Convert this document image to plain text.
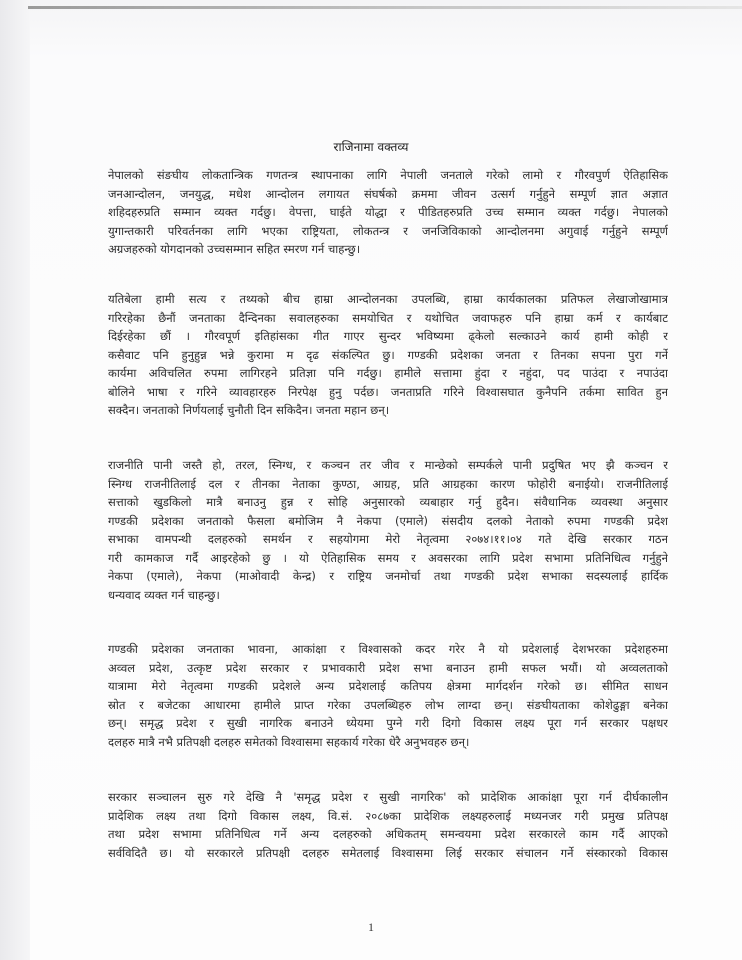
राजिनामा वक्तव्य
नेपालको संङघीय लोकतान्त्रिक गणतन्त्र स्थापनाका लागि नेपाली जनताले गरेको लामो र गौरवपुर्ण ऐतिहासिक
जनआन्दोलन, जनयुद्ध, मधेश आन्दोलन लगायत संघर्षको क्रममा जीवन उत्सर्ग गर्नुहुने सम्पूर्ण ज्ञात अज्ञात
शहिदहरुप्रति सम्मान व्यक्त गर्दछु। वेपत्ता, घाईते योद्धा र पीडितहरुप्रति उच्च सम्मान व्यक्त गर्दछु। नेपालको
युगान्तकारी परिवर्तनका लागि भएका राष्ट्रियता, लोकतन्त्र र जनजिविकाको आन्दोलनमा अगुवाई गर्नुहुने सम्पूर्ण
अग्रजहरुको योगदानको उच्चसम्मान सहित स्मरण गर्न चाहन्छु।
यतिबेला हामी सत्य र तथ्यको बीच हाम्रा आन्दोलनका उपलब्धि, हाम्रा कार्यकालका प्रतिफल लेखाजोखामात्र
गरिरहेका छैनौं जनताका दैन्दिनका सवालहरुका समयोचित र यथोचित जवाफहरु पनि हाम्रा कर्म र कार्यबाट
दिईरहेका छौं । गौरवपूर्ण इतिहांसका गीत गाएर सुन्दर भविष्यमा ढ्केलो सल्काउने कार्य हामी कोही र
कसैवाट पनि हुनुहुन्न भन्ने कुरामा म दृढ संकल्पित छु। गण्डकी प्रदेशका जनता र तिनका सपना पुरा गर्ने
कार्यमा अविचलित रुपमा लागिरहने प्रतिज्ञा पनि गर्दछु। हामीले सत्तामा हुंदा र नहुंदा, पद पाउंदा र नपाउंदा
बोलिने भाषा र गरिने व्यावहारहरु निरपेक्ष हुनु पर्दछ। जनताप्रति गरिने विश्वासघात कुनैपनि तर्कमा सावित हुन
सक्दैन। जनताको निर्णयलाई चुनौती दिन सकिदैन। जनता महान छन्।
राजनीति पानी जस्तै हो, तरल, स्निग्ध, र कञ्चन तर जीव र मान्छेको सम्पर्कले पानी प्रदुषित भए झै कञ्चन र
स्निग्ध राजनीतिलाई दल र तीनका नेताका कुण्ठा, आग्रह, प्रति आग्रहका कारण फोहोरी बनाईयो। राजनीतिलाई
सत्ताको खुडकिलो मात्रै बनाउनु हुन्न र सोहि अनुसारको व्यबाहार गर्नु हुदैन। संवैधानिक व्यवस्था अनुसार
गण्डकी प्रदेशका जनताको फैसला बमोजिम नै नेकपा (एमाले) संसदीय दलको नेताको रुपमा गण्डकी प्रदेश
सभाका वामपन्थी दलहरुको समर्थन र सहयोगमा मेरो नेतृत्वमा २०७४।११।०४ गते देखि सरकार गठन
गरी कामकाज गर्दै आइरहेको छु । यो ऐतिहासिक समय र अवसरका लागि प्रदेश सभामा प्रतिनिधित्व गर्नुहुने
नेकपा (एमाले), नेकपा (माओवादी केन्द्र) र राष्ट्रिय जनमोर्चा तथा गण्डकी प्रदेश सभाका सदस्यलाई हार्दिक
धन्यवाद व्यक्त गर्न चाहन्छु।
गण्डकी प्रदेशका जनताका भावना, आकांक्षा र विश्वासको कदर गरेर नै यो प्रदेशलाई देशभरका प्रदेशहरुमा
अव्वल प्रदेश, उत्कृष्ट प्रदेश सरकार र प्रभावकारी प्रदेश सभा बनाउन हामी सफल भयौं। यो अव्वलताको
यात्रामा मेरो नेतृत्वमा गण्डकी प्रदेशले अन्य प्रदेशलाई कतिपय क्षेत्रमा मार्गदर्शन गरेको छ। सीमित साधन
स्रोत र बजेटका आधारमा हामीले प्राप्त गरेका उपलब्धिहरु लोभ लाग्दा छन्। संङघीयताका कोशेढुङ्गा बनेका
छन्। समृद्ध प्रदेश र सुखी नागरिक बनाउने ध्येयमा पुग्ने गरी दिगो विकास लक्ष्य पूरा गर्न सरकार पक्षधर
दलहरु मात्रै नभै प्रतिपक्षी दलहरु समेतको विश्वासमा सहकार्य गरेका धेरै अनुभवहरु छन्।
सरकार सञ्चालन सुरु गरे देखि नै 'समृद्ध प्रदेश र सुखी नागरिक' को प्रादेशिक आकांक्षा पूरा गर्न दीर्घकालीन
प्रादेशिक लक्ष्य तथा दिगो विकास लक्ष्य, वि.सं. २०८७का प्रादेशिक लक्ष्यहरुलाई मध्यनजर गरी प्रमुख प्रतिपक्ष
तथा प्रदेश सभामा प्रतिनिधित्व गर्ने अन्य दलहरुको अधिकतम् समन्वयमा प्रदेश सरकारले काम गर्दै आएको
सर्वविदितै छ। यो सरकारले प्रतिपक्षी दलहरु समेतलाई विश्वासमा लिई सरकार संचालन गर्ने संस्कारको विकास
1
